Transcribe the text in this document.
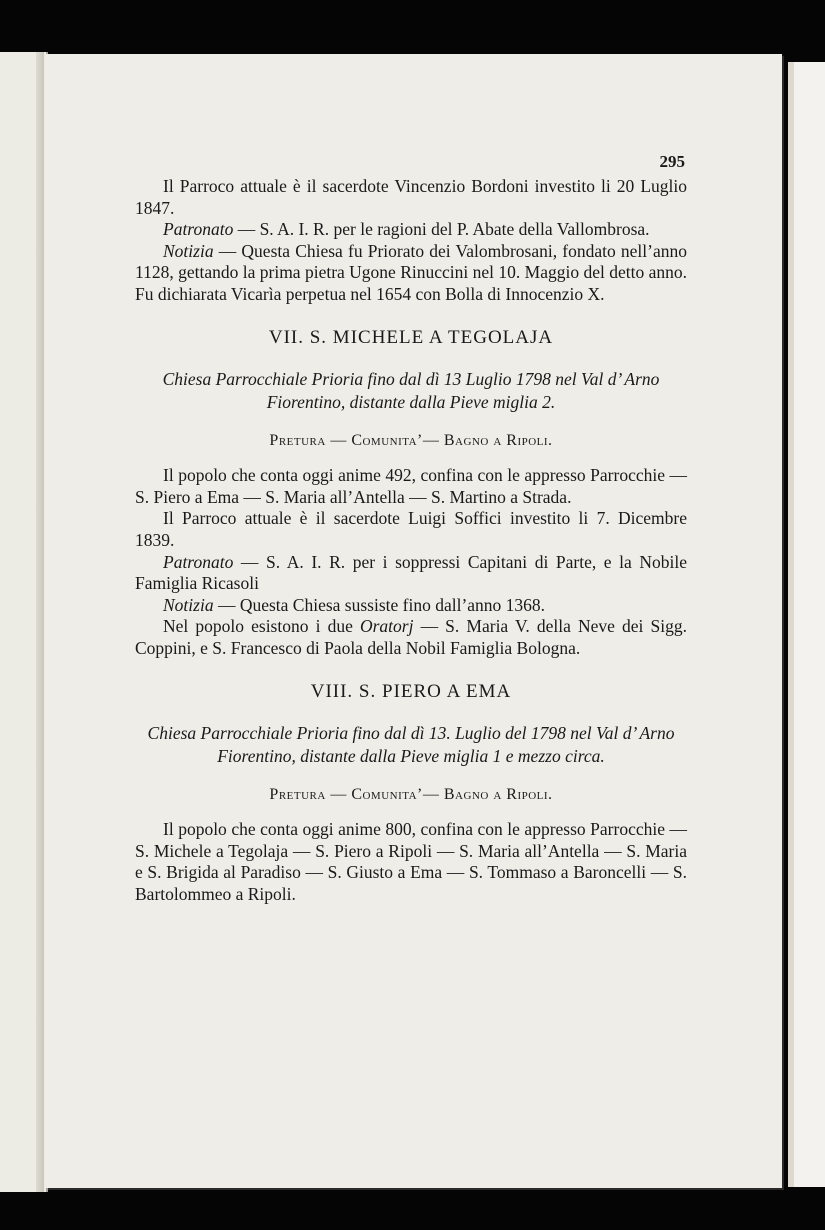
295

Il Parroco attuale è il sacerdote Vincenzio Bordoni investito li 20 Luglio 1847.

Patronato — S. A. I. R. per le ragioni del P. Abate della Vallombrosa.

Notizia — Questa Chiesa fu Priorato dei Valombrosani, fondato nell’anno 1128, gettando la prima pietra Ugone Rinuccini nel 10. Maggio del detto anno. Fu dichiarata Vicarìa perpetua nel 1654 con Bolla di Innocenzio X.

VII. S. MICHELE A TEGOLAJA
Chiesa Parrocchiale Prioria fino dal dì 13 Luglio 1798 nel Val d’ Arno Fiorentino, distante dalla Pieve miglia 2.
Pretura — Comunita’— Bagno a Ripoli.

Il popolo che conta oggi anime 492, confina con le appresso Parrocchie — S. Piero a Ema — S. Maria all’Antella — S. Martino a Strada.

Il Parroco attuale è il sacerdote Luigi Soffici investito li 7. Dicembre 1839.

Patronato — S. A. I. R. per i soppressi Capitani di Parte, e la Nobile Famiglia Ricasoli

Notizia — Questa Chiesa sussiste fino dall’anno 1368.

Nel popolo esistono i due Oratorj — S. Maria V. della Neve dei Sigg. Coppini, e S. Francesco di Paola della Nobil Famiglia Bologna.

VIII. S. PIERO A EMA
Chiesa Parrocchiale Prioria fino dal dì 13. Luglio del 1798 nel Val d’ Arno Fiorentino, distante dalla Pieve miglia 1 e mezzo circa.
Pretura — Comunita’— Bagno a Ripoli.

Il popolo che conta oggi anime 800, confina con le appresso Parrocchie — S. Michele a Tegolaja — S. Piero a Ripoli — S. Maria all’Antella — S. Maria e S. Brigida al Paradiso — S. Giusto a Ema — S. Tommaso a Baroncelli — S. Bartolommeo a Ripoli.
